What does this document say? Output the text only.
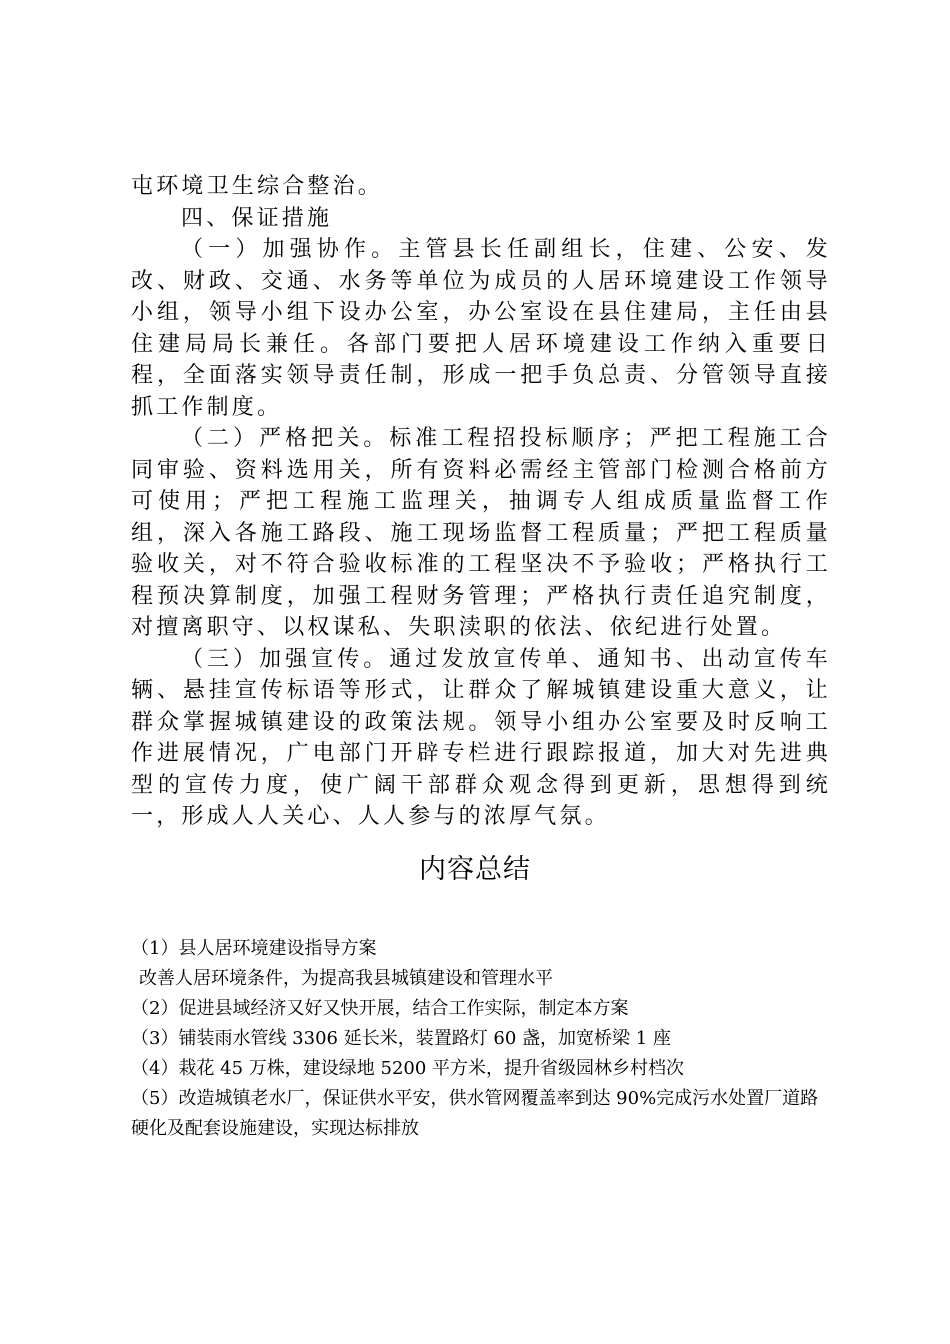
屯环境卫生综合整治。

四、保证措施

（一）加强协作。主管县长任副组长，住建、公安、发改、财政、交通、水务等单位为成员的人居环境建设工作领导小组，领导小组下设办公室，办公室设在县住建局，主任由县住建局局长兼任。各部门要把人居环境建设工作纳入重要日程，全面落实领导责任制，形成一把手负总责、分管领导直接抓工作制度。

（二）严格把关。标准工程招投标顺序；严把工程施工合同审验、资料选用关，所有资料必需经主管部门检测合格前方可使用；严把工程施工监理关，抽调专人组成质量监督工作组，深入各施工路段、施工现场监督工程质量；严把工程质量验收关，对不符合验收标准的工程坚决不予验收；严格执行工程预决算制度，加强工程财务管理；严格执行责任追究制度，对擅离职守、以权谋私、失职渎职的依法、依纪进行处置。

（三）加强宣传。通过发放宣传单、通知书、出动宣传车辆、悬挂宣传标语等形式，让群众了解城镇建设重大意义，让群众掌握城镇建设的政策法规。领导小组办公室要及时反响工作进展情况，广电部门开辟专栏进行跟踪报道，加大对先进典型的宣传力度，使广阔干部群众观念得到更新，思想得到统一，形成人人关心、人人参与的浓厚气氛。

内容总结

（1）县人居环境建设指导方案

改善人居环境条件，为提高我县城镇建设和管理水平

（2）促进县域经济又好又快开展，结合工作实际，制定本方案

（3）铺装雨水管线 3306 延长米，装置路灯 60 盏，加宽桥梁 1 座

（4）栽花 45 万株，建设绿地 5200 平方米，提升省级园林乡村档次

（5）改造城镇老水厂，保证供水平安，供水管网覆盖率到达 90%完成污水处置厂道路硬化及配套设施建设，实现达标排放
